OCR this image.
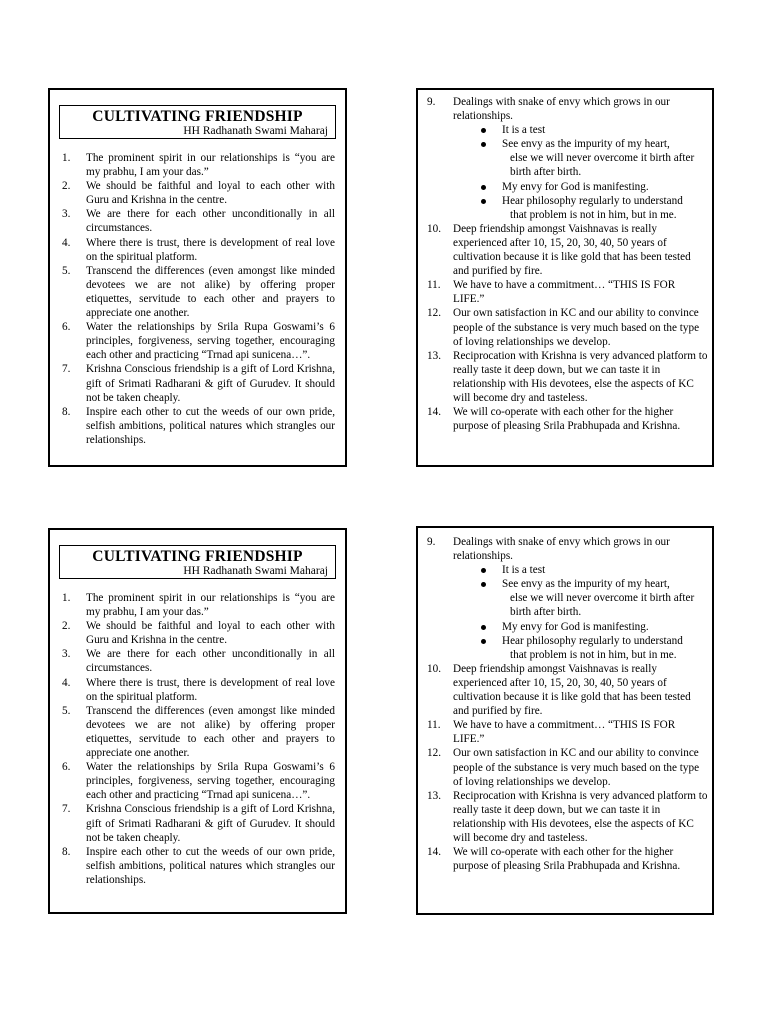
CULTIVATING FRIENDSHIP
HH Radhanath Swami Maharaj
1. The prominent spirit in our relationships is “you are my prabhu, I am your das.”
2. We should be faithful and loyal to each other with Guru and Krishna in the centre.
3. We are there for each other unconditionally in all circumstances.
4. Where there is trust, there is development of real love on the spiritual platform.
5. Transcend the differences (even amongst like minded devotees we are not alike) by offering proper etiquettes, servitude to each other and prayers to appreciate one another.
6. Water the relationships by Srila Rupa Goswami’s 6 principles, forgiveness, serving together, encouraging each other and practicing “Trnad api sunicena…”.
7. Krishna Conscious friendship is a gift of Lord Krishna, gift of Srimati Radharani & gift of Gurudev. It should not be taken cheaply.
8. Inspire each other to cut the weeds of our own pride, selfish ambitions, political natures which strangles our relationships.
9. Dealings with snake of envy which grows in our relationships.
It is a test
See envy as the impurity of my heart,
else we will never overcome it birth after birth after birth.
My envy for God is manifesting.
Hear philosophy regularly to understand
that problem is not in him, but in me.
10. Deep friendship amongst Vaishnavas is really experienced after 10, 15, 20, 30, 40, 50 years of cultivation because it is like gold that has been tested and purified by fire.
11. We have to have a commitment… “THIS IS FOR LIFE.”
12. Our own satisfaction in KC and our ability to convince people of the substance is very much based on the type of loving relationships we develop.
13. Reciprocation with Krishna is very advanced platform to really taste it deep down, but we can taste it in relationship with His devotees, else the aspects of KC will become dry and tasteless.
14. We will co-operate with each other for the higher purpose of pleasing Srila Prabhupada and Krishna.
CULTIVATING FRIENDSHIP
HH Radhanath Swami Maharaj
1. The prominent spirit in our relationships is “you are my prabhu, I am your das.”
2. We should be faithful and loyal to each other with Guru and Krishna in the centre.
3. We are there for each other unconditionally in all circumstances.
4. Where there is trust, there is development of real love on the spiritual platform.
5. Transcend the differences (even amongst like minded devotees we are not alike) by offering proper etiquettes, servitude to each other and prayers to appreciate one another.
6. Water the relationships by Srila Rupa Goswami’s 6 principles, forgiveness, serving together, encouraging each other and practicing “Trnad api sunicena…”.
7. Krishna Conscious friendship is a gift of Lord Krishna, gift of Srimati Radharani & gift of Gurudev. It should not be taken cheaply.
8. Inspire each other to cut the weeds of our own pride, selfish ambitions, political natures which strangles our relationships.
9. Dealings with snake of envy which grows in our relationships.
It is a test
See envy as the impurity of my heart,
else we will never overcome it birth after birth after birth.
My envy for God is manifesting.
Hear philosophy regularly to understand
that problem is not in him, but in me.
10. Deep friendship amongst Vaishnavas is really experienced after 10, 15, 20, 30, 40, 50 years of cultivation because it is like gold that has been tested and purified by fire.
11. We have to have a commitment… “THIS IS FOR LIFE.”
12. Our own satisfaction in KC and our ability to convince people of the substance is very much based on the type of loving relationships we develop.
13. Reciprocation with Krishna is very advanced platform to really taste it deep down, but we can taste it in relationship with His devotees, else the aspects of KC will become dry and tasteless.
14. We will co-operate with each other for the higher purpose of pleasing Srila Prabhupada and Krishna.
